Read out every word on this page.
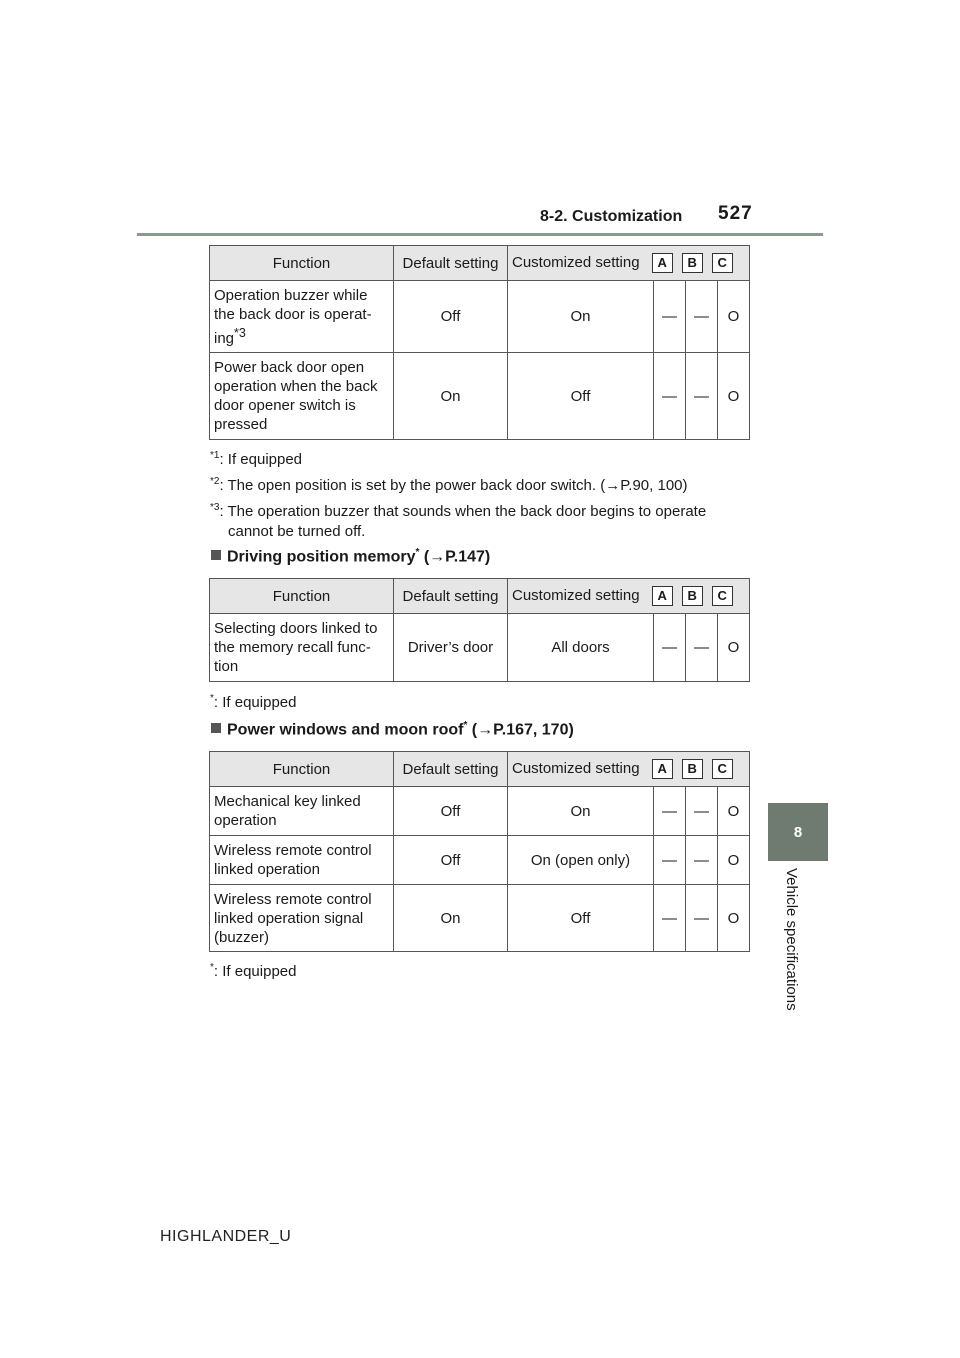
8-2. Customization 527
8
Vehicle specifications
Function	Default setting	Customized setting A B C			

Operation buzzer while the back door is operat-ing$^{*3}$	Off	On	—	—	O
Power back door open operation when the back door opener switch is pressed	On	Off	—	—	O
$^{*1}$: If equipped
$^{*2}$: The open position is set by the power back door switch. (→P.90, 100)
$^{*3}$: The operation buzzer that sounds when the back door begins to operate
cannot be turned off.
Driving position memory* (→P.147)
Function	Default setting	Customized setting A B C			

Selecting doors linked to the memory recall func-tion	Driver’s door	All doors	—	—	O
*: If equipped
Power windows and moon roof* (→P.167, 170)
Function	Default setting	Customized setting A B C			

Mechanical key linked operation	Off	On	—	—	O
Wireless remote control linked operation	Off	On (open only)	—	—	O
Wireless remote control linked operation signal (buzzer)	On	Off	—	—	O
*: If equipped
HIGHLANDER_U
